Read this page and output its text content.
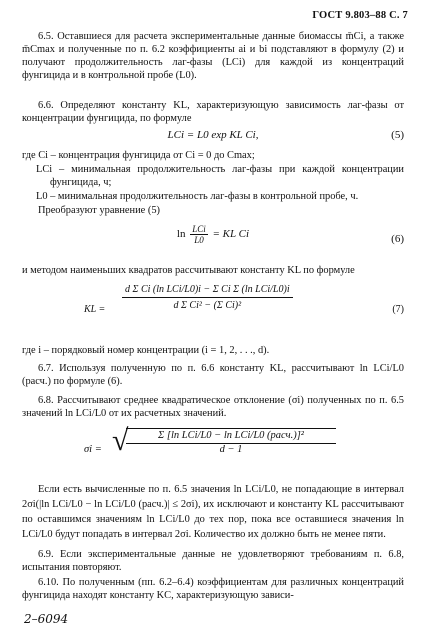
ГОСТ 9.803–88 С. 7

6.5. Оставшиеся для расчета экспериментальные данные биомассы m̄Ci, а также m̄Cmax и полученные по п. 6.2 коэффициенты ai и bi подставляют в формулу (2) и получают продолжительность лаг-фазы (LCi) для каждой из концентраций фунгицида и в контрольной пробе (L0).

6.6. Определяют константу KL, характеризующую зависимость лаг-фазы от концентрации фунгицида, по формуле

LCi = L0 exp KL Ci,	(5)

где Ci – концентрация фунгицида от Ci = 0 до Cmax;

LCi – минимальная продолжительность лаг-фазы при каждой концентрации фунгицида, ч;

L0 – минимальная продолжительность лаг-фазы в контрольной пробе, ч.

Преобразуют уравнение (5)

$\ln \frac{\text{LCi}}{L0}$ = KL Ci	(6)

и методом наименьших квадратов рассчитывают константу KL по формуле

KL =
d Σ Ci (ln LCi/L0)i − Σ Ci Σ (ln LCi/L0)i
d Σ Ci² − (Σ Ci)²	(7)

где i – порядковый номер концентрации (i = 1, 2, . . ., d).

6.7. Используя полученную по п. 6.6 константу KL, рассчитывают ln LCi/L0 (расч.) по формуле (6).

6.8. Рассчитывают среднее квадратическое отклонение (σi) полученных по п. 6.5 значений ln LCi/L0 от их расчетных значений.

σi = √	Σ [ln LCi/L0 − ln LCi/L0 (расч.)]²
d − 1

Если есть вычисленные по п. 6.5 значения ln LCi/L0, не попадающие в интервал 2σi(|ln LCi/L0 − ln LCi/L0 (расч.)| ≤ 2σi), их исключают и константу KL рассчитывают по оставшимся значениям ln LCi/L0 до тех пор, пока все оставшиеся значения ln LCi/L0 будут попадать в интервал 2σi. Количество их должно быть не менее пяти.

6.9. Если экспериментальные данные не удовлетворяют требованиям п. 6.8, испытания повторяют.

6.10. По полученным (пп. 6.2–6.4) коэффициентам для различных концентраций фунгицида находят константу KC, характеризующую зависи-

2–6094
